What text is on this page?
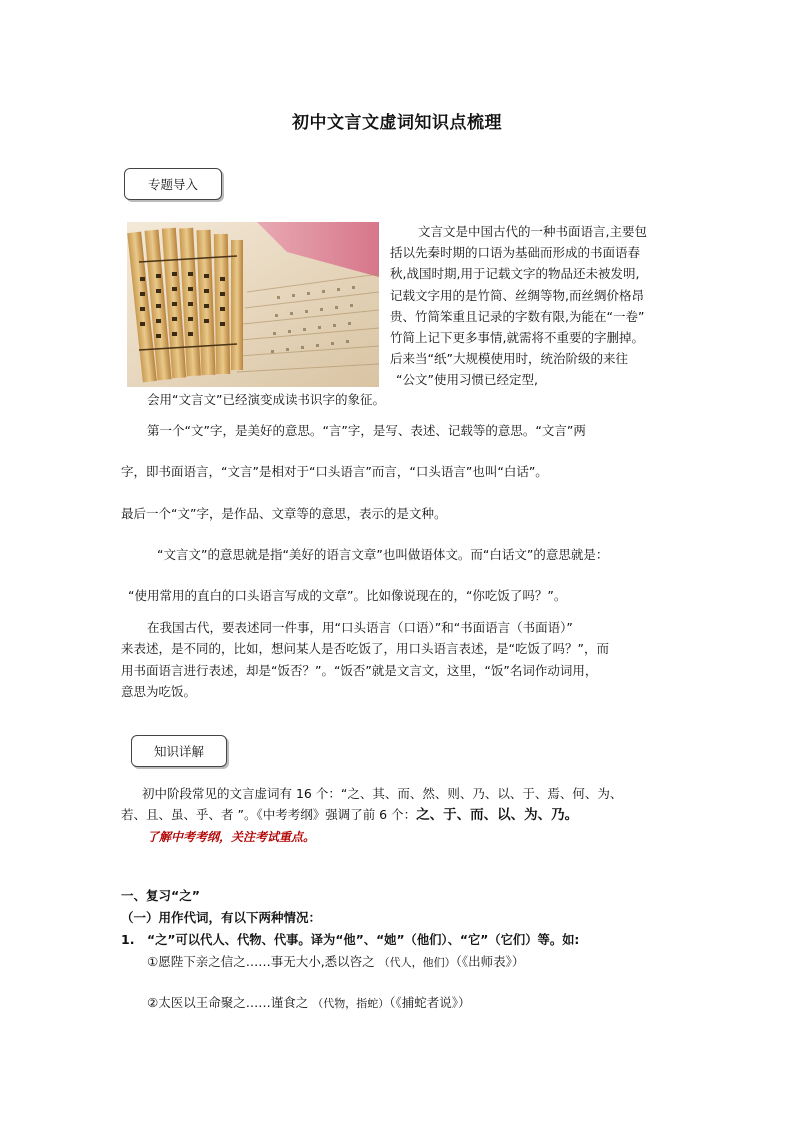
初中文言文虚词知识点梳理
专题导入
文言文是中国古代的一种书面语言,主要包
括以先秦时期的口语为基础而形成的书面语春
秋,战国时期,用于记载文字的物品还未被发明,
记载文字用的是竹简、丝绸等物,而丝绸价格昂
贵、竹简笨重且记录的字数有限,为能在“一卷”
竹简上记下更多事情,就需将不重要的字删掉。
后来当“纸”大规模使用时，统治阶级的来往
“公文”使用习惯已经定型,
会用“文言文”已经演变成读书识字的象征。
第一个“文”字，是美好的意思。“言”字，是写、表述、记载等的意思。“文言”两
字，即书面语言，“文言”是相对于“口头语言”而言，“口头语言”也叫“白话”。
最后一个“文”字，是作品、文章等的意思，表示的是文种。
“文言文”的意思就是指“美好的语言文章”也叫做语体文。而“白话文”的意思就是：
“使用常用的直白的口头语言写成的文章”。比如像说现在的，“你吃饭了吗？”。
在我国古代，要表述同一件事，用“口头语言（口语）”和“书面语言（书面语）”
来表述，是不同的，比如，想问某人是否吃饭了，用口头语言表述，是“吃饭了吗？”，而
用书面语言进行表述，却是“饭否？”。“饭否”就是文言文，这里，“饭”名词作动词用，
意思为吃饭。
知识详解
初中阶段常见的文言虚词有 16 个：“之、其、而、然、则、乃、以、于、焉、何、为、
若、且、虽、乎、者 ”。《中考考纲》强调了前 6 个：之、于、而、以、为、乃。
了解中考考纲，关注考试重点。
一、复习“之”
（一）用作代词，有以下两种情况：
1. “之”可以代人、代物、代事。译为“他”、“她”（他们）、“它”（它们）等。如:
①愿陛下亲之信之……事无大小,悉以咨之 （代人，他们）（《出师表》）
②太医以王命聚之……谨食之 （代物，指蛇）（《捕蛇者说》）
